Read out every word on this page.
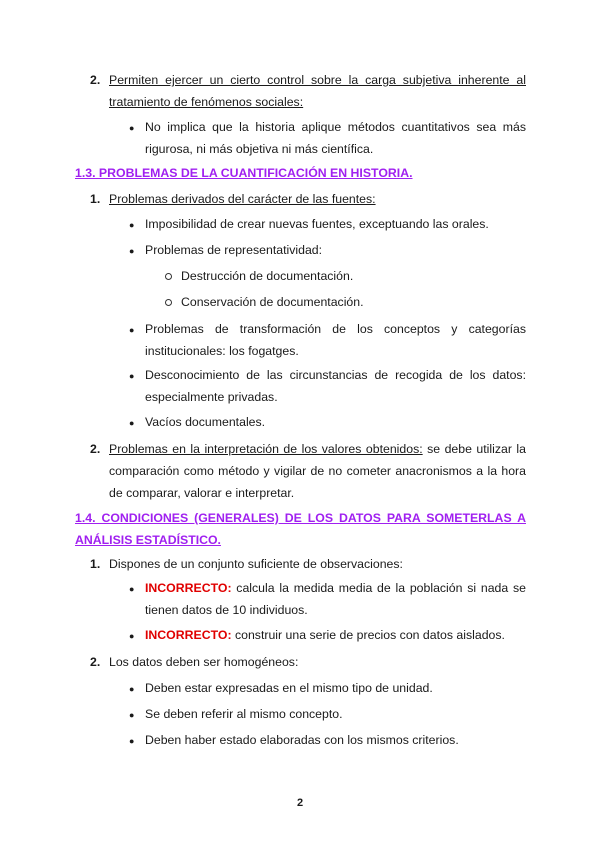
2. Permiten ejercer un cierto control sobre la carga subjetiva inherente al tratamiento de fenómenos sociales:
● No implica que la historia aplique métodos cuantitativos sea más rigurosa, ni más objetiva ni más científica.
1.3. PROBLEMAS DE LA CUANTIFICACIÓN EN HISTORIA.
1. Problemas derivados del carácter de las fuentes:
● Imposibilidad de crear nuevas fuentes, exceptuando las orales.
● Problemas de representatividad:
Destrucción de documentación.
Conservación de documentación.
● Problemas de transformación de los conceptos y categorías institucionales: los fogatges.
● Desconocimiento de las circunstancias de recogida de los datos: especialmente privadas.
● Vacíos documentales.
2. Problemas en la interpretación de los valores obtenidos: se debe utilizar la comparación como método y vigilar de no cometer anacronismos a la hora de comparar, valorar e interpretar.
1.4. CONDICIONES (GENERALES) DE LOS DATOS PARA SOMETERLAS A ANÁLISIS ESTADÍSTICO.
1. Dispones de un conjunto suficiente de observaciones:
● INCORRECTO: calcula la medida media de la población si nada se tienen datos de 10 individuos.
● INCORRECTO: construir una serie de precios con datos aislados.
2. Los datos deben ser homogéneos:
● Deben estar expresadas en el mismo tipo de unidad.
● Se deben referir al mismo concepto.
● Deben haber estado elaboradas con los mismos criterios.
2
